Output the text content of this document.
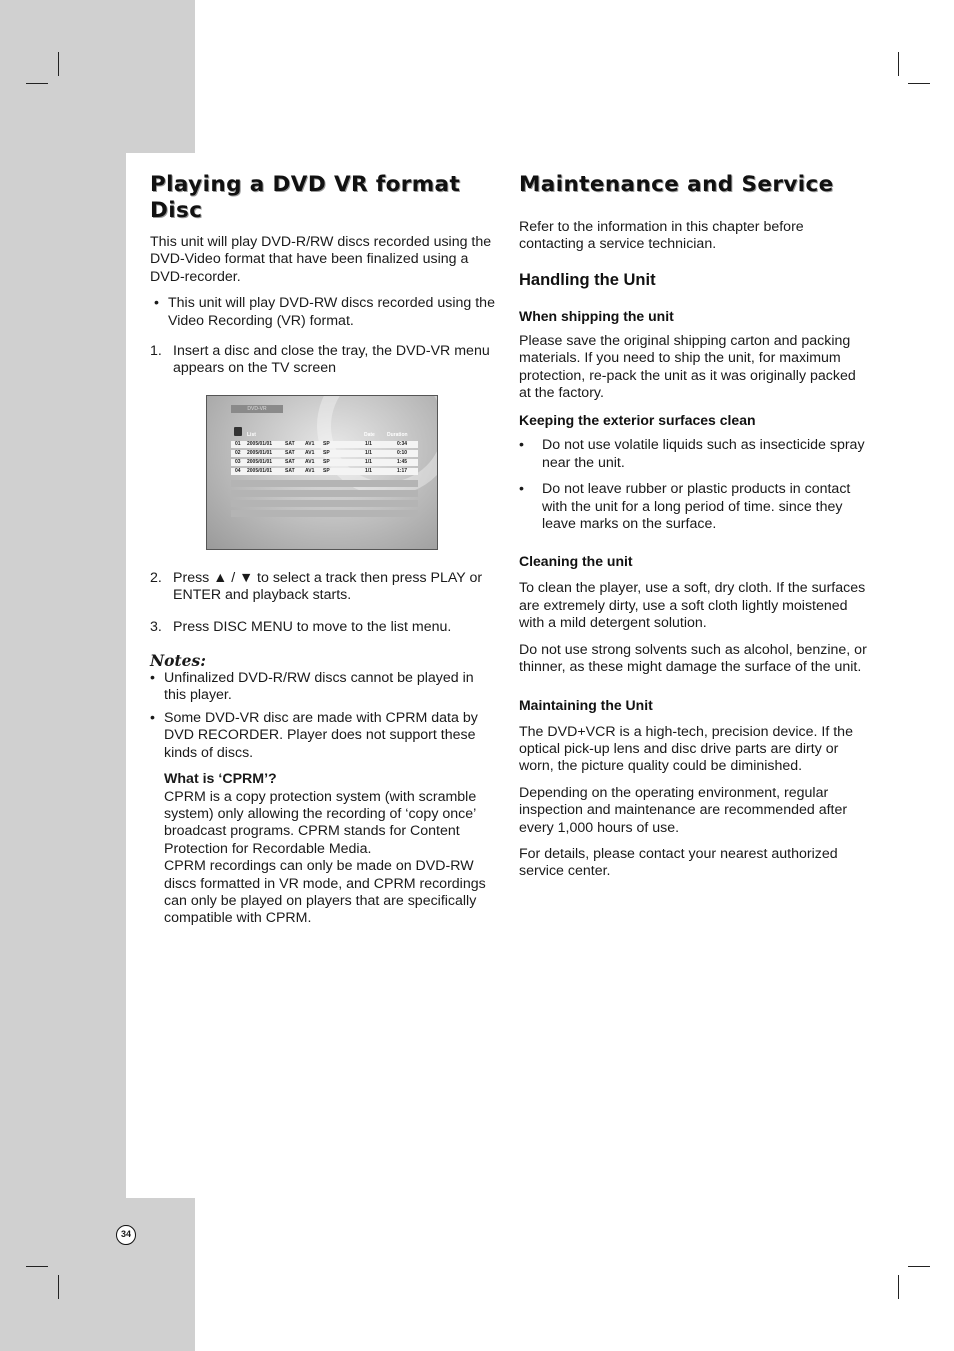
Playing a DVD VR format Disc

This unit will play DVD-R/RW discs recorded using the DVD-Video format that have been finalized using a DVD-recorder.

• This unit will play DVD-RW discs recorded using the Video Recording (VR) format.
1. Insert a disc and close the tray, the DVD-VR menu appears on the TV screen
2. Press ▲ / ▼ to select a track then press PLAY or ENTER and playback starts.
3. Press DISC MENU to move to the list menu.
Notes:
• Unfinalized DVD-R/RW discs cannot be played in this player.
• Some DVD-VR disc are made with CPRM data by DVD RECORDER. Player does not support these kinds of discs.
What is ‘CPRM’?
CPRM is a copy protection system (with scramble system) only allowing the recording of ‘copy once’ broadcast programs. CPRM stands for Content Protection for Recordable Media.
CPRM recordings can only be made on DVD-RW discs formatted in VR mode, and CPRM recordings can only be played on players that are specifically compatible with CPRM.
DVD-VR
List	Date Duration
01 2005/01/01	SAT AV1 SP	1/1	0:34
02 2005/01/01	SAT AV1 SP	1/1	0:10
03 2005/01/01	SAT AV1 SP	1/1	1:45
04 2005/01/01	SAT AV1 SP	1/1	1:17
Maintenance and Service

Refer to the information in this chapter before contacting a service technician.

Handling the Unit
When shipping the unit

Please save the original shipping carton and packing materials. If you need to ship the unit, for maximum protection, re-pack the unit as it was originally packed at the factory.

Keeping the exterior surfaces clean
• Do not use volatile liquids such as insecticide spray near the unit.
• Do not leave rubber or plastic products in contact with the unit for a long period of time. since they leave marks on the surface.
Cleaning the unit

To clean the player, use a soft, dry cloth. If the surfaces are extremely dirty, use a soft cloth lightly moistened with a mild detergent solution.

Do not use strong solvents such as alcohol, benzine, or thinner, as these might damage the surface of the unit.

Maintaining the Unit

The DVD+VCR is a high-tech, precision device. If the optical pick-up lens and disc drive parts are dirty or worn, the picture quality could be diminished.

Depending on the operating environment, regular inspection and maintenance are recommended after every 1,000 hours of use.

For details, please contact your nearest authorized service center.

34
